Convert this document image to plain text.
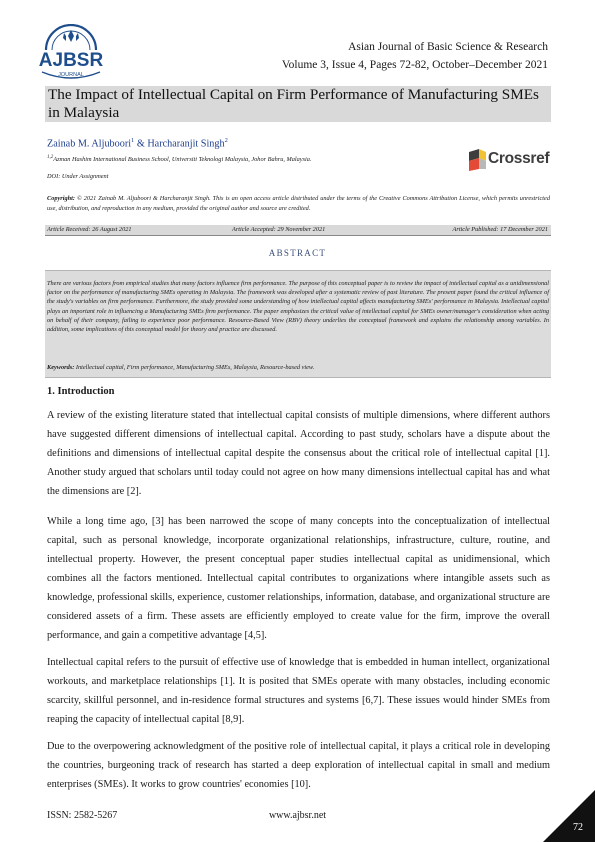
AJBSR
JOURNAL
Asian Journal of Basic Science & Research
Volume 3, Issue 4, Pages 72-82, October–December 2021
The Impact of Intellectual Capital on Firm Performance of Manufacturing SMEs in Malaysia
Zainab M. Aljuboori$^1$ & Harcharanjit Singh$^2$
$^{1,2}$Azman Hashim International Business School, Universiti Teknologi Malaysia, Johor Bahru, Malaysia.
DOI: Under Assignment
Crossref
Copyright: © 2021 Zainab M. Aljuboori & Harcharanjit Singh. This is an open access article distributed under the terms of the Creative Commons Attribution License, which permits unrestricted use, distribution, and reproduction in any medium, provided the original author and source are credited.
Article Received: 26 August 2021	Article Accepted: 29 November 2021	Article Published: 17 December 2021
ABSTRACT
There are various factors from empirical studies that many factors influence firm performance. The purpose of this conceptual paper is to review the impact of intellectual capital as a unidimensional factor on the performance of manufacturing SMEs operating in Malaysia. The framework was developed after a systematic review of past literature. The present paper found the critical influence of the study's variables on firm performance. Furthermore, the study provided some understanding of how intellectual capital affects manufacturing SMEs' performance in Malaysia. Intellectual capital plays an important role in influencing a Manufacturing SMEs firm performance. The paper emphasizes the critical value of intellectual capital for SMEs owner/manager's consideration when acting on behalf of their company, failing to experience poor performance. Resource-Based View (RBV) theory underlies the conceptual framework and explains the relationship among variables. In addition, some implications of this conceptual model for theory and practice are discussed.
Keywords: Intellectual capital, Firm performance, Manufacturing SMEs, Malaysia, Resource-based view.
1. Introduction
A review of the existing literature stated that intellectual capital consists of multiple dimensions, where different authors have suggested different dimensions of intellectual capital. According to past study, scholars have a dispute about the definitions and dimensions of intellectual capital despite the consensus about the critical role of intellectual capital [1]. Another study argued that scholars until today could not agree on how many dimensions intellectual capital has and what the dimensions are [2].
While a long time ago, [3] has been narrowed the scope of many concepts into the conceptualization of intellectual capital, such as personal knowledge, incorporate organizational relationships, infrastructure, culture, routine, and intellectual property. However, the present conceptual paper studies intellectual capital as unidimensional, which combines all the factors mentioned. Intellectual capital contributes to organizations where intangible assets such as knowledge, professional skills, experience, customer relationships, information, database, and organizational structure are considered assets of a firm. These assets are efficiently employed to create value for the firm, improve the overall performance, and gain a competitive advantage [4,5].
Intellectual capital refers to the pursuit of effective use of knowledge that is embedded in human intellect, organizational workouts, and marketplace relationships [1]. It is posited that SMEs operate with many obstacles, including economic scarcity, skillful personnel, and in-residence formal structures and systems [6,7]. These issues would hinder SMEs from reaping the capacity of intellectual capital [8,9].
Due to the overpowering acknowledgment of the positive role of intellectual capital, it plays a critical role in developing the countries, burgeoning track of research has started a deep exploration of intellectual capital in small and medium enterprises (SMEs). It works to grow countries' economies [10].
ISSN: 2582-5267	www.ajbsr.net
72
